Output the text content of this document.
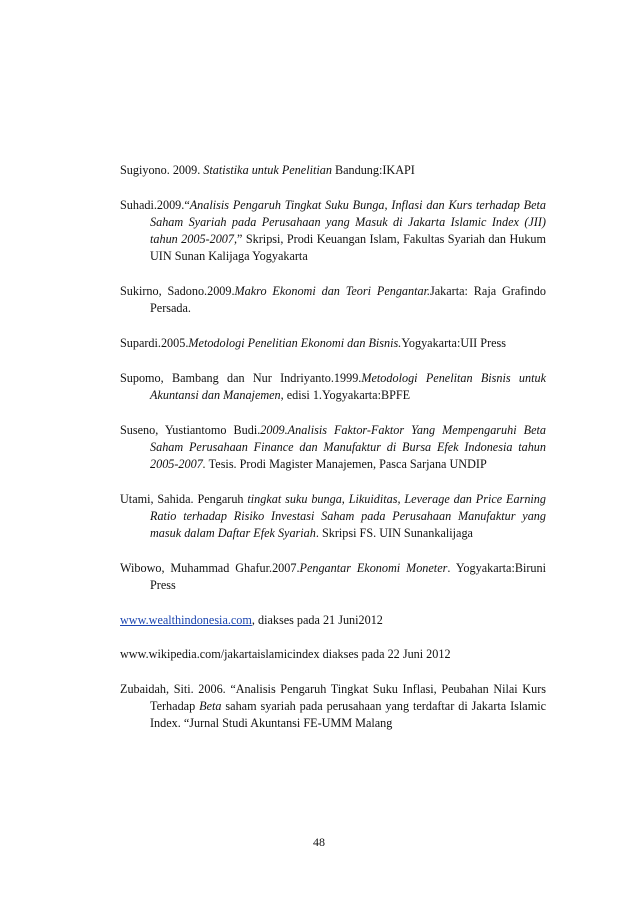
Sugiyono. 2009. Statistika untuk Penelitian Bandung:IKAPI

Suhadi.2009.“Analisis Pengaruh Tingkat Suku Bunga, Inflasi dan Kurs terhadap Beta Saham Syariah pada Perusahaan yang Masuk di Jakarta Islamic Index (JII) tahun 2005-2007,” Skripsi, Prodi Keuangan Islam, Fakultas Syariah dan Hukum UIN Sunan Kalijaga Yogyakarta

Sukirno, Sadono.2009.Makro Ekonomi dan Teori Pengantar.Jakarta: Raja Grafindo Persada.

Supardi.2005.Metodologi Penelitian Ekonomi dan Bisnis.Yogyakarta:UII Press

Supomo, Bambang dan Nur Indriyanto.1999.Metodologi Penelitan Bisnis untuk Akuntansi dan Manajemen, edisi 1.Yogyakarta:BPFE

Suseno, Yustiantomo Budi.2009.Analisis Faktor-Faktor Yang Mempengaruhi Beta Saham Perusahaan Finance dan Manufaktur di Bursa Efek Indonesia tahun 2005-2007. Tesis. Prodi Magister Manajemen, Pasca Sarjana UNDIP

Utami, Sahida. Pengaruh tingkat suku bunga, Likuiditas, Leverage dan Price Earning Ratio terhadap Risiko Investasi Saham pada Perusahaan Manufaktur yang masuk dalam Daftar Efek Syariah. Skripsi FS. UIN Sunankalijaga

Wibowo, Muhammad Ghafur.2007.Pengantar Ekonomi Moneter. Yogyakarta:Biruni Press

www.wealthindonesia.com, diakses pada 21 Juni2012

www.wikipedia.com/jakartaislamicindex diakses pada 22 Juni 2012

Zubaidah, Siti. 2006. “Analisis Pengaruh Tingkat Suku Inflasi, Peubahan Nilai Kurs Terhadap Beta saham syariah pada perusahaan yang terdaftar di Jakarta Islamic Index. “Jurnal Studi Akuntansi FE-UMM Malang

48
